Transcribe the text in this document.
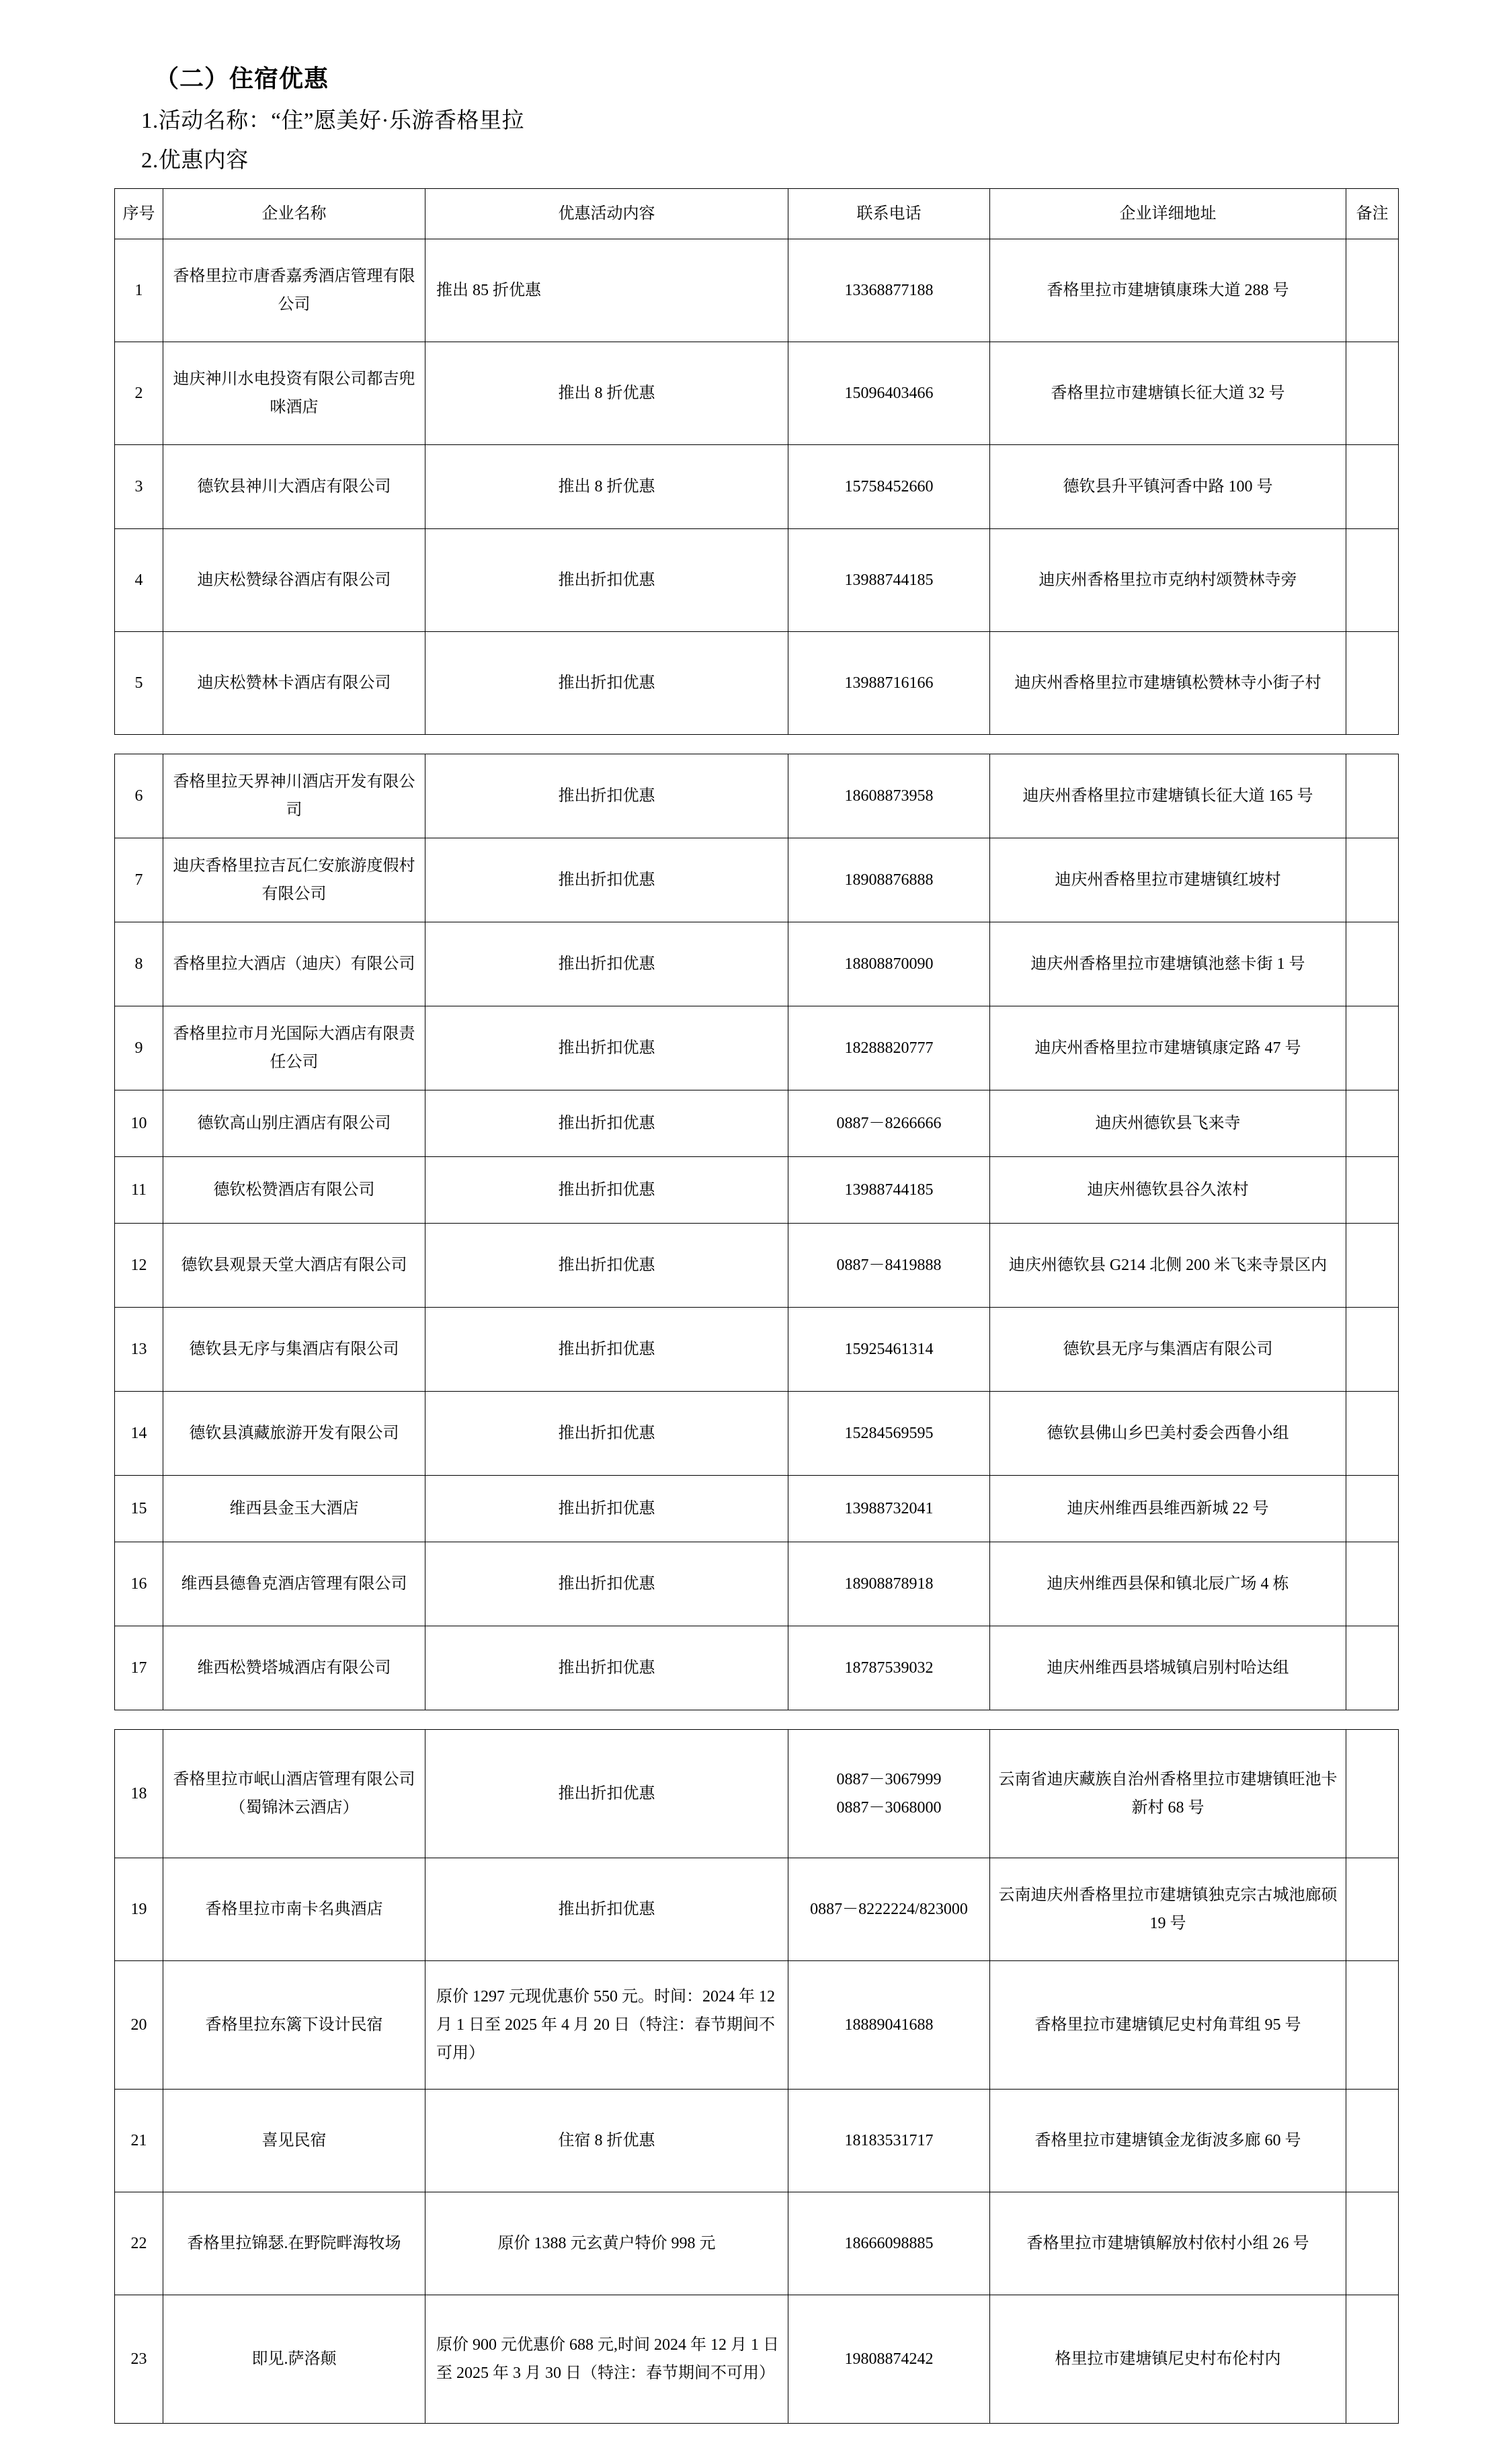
（二）住宿优惠
1.活动名称：“住”愿美好·乐游香格里拉
2.优惠内容
序号	企业名称	优惠活动内容	联系电话	企业详细地址	备注
1	香格里拉市唐香嘉秀酒店管理有限公司	推出 85 折优惠	13368877188	香格里拉市建塘镇康珠大道 288 号	
2	迪庆神川水电投资有限公司都吉兜咪酒店	推出 8 折优惠	15096403466	香格里拉市建塘镇长征大道 32 号	
3	德钦县神川大酒店有限公司	推出 8 折优惠	15758452660	德钦县升平镇河香中路 100 号	
4	迪庆松赞绿谷酒店有限公司	推出折扣优惠	13988744185	迪庆州香格里拉市克纳村颂赞林寺旁	
5	迪庆松赞林卡酒店有限公司	推出折扣优惠	13988716166	迪庆州香格里拉市建塘镇松赞林寺小街子村	
6	香格里拉天界神川酒店开发有限公司	推出折扣优惠	18608873958	迪庆州香格里拉市建塘镇长征大道 165 号	
7	迪庆香格里拉吉瓦仁安旅游度假村有限公司	推出折扣优惠	18908876888	迪庆州香格里拉市建塘镇红坡村	
8	香格里拉大酒店（迪庆）有限公司	推出折扣优惠	18808870090	迪庆州香格里拉市建塘镇池慈卡街 1 号	
9	香格里拉市月光国际大酒店有限责任公司	推出折扣优惠	18288820777	迪庆州香格里拉市建塘镇康定路 47 号	
10	德钦高山别庄酒店有限公司	推出折扣优惠	0887－8266666	迪庆州德钦县飞来寺	
11	德钦松赞酒店有限公司	推出折扣优惠	13988744185	迪庆州德钦县谷久浓村	
12	德钦县观景天堂大酒店有限公司	推出折扣优惠	0887－8419888	迪庆州德钦县 G214 北侧 200 米飞来寺景区内	
13	德钦县无序与集酒店有限公司	推出折扣优惠	15925461314	德钦县无序与集酒店有限公司	
14	德钦县滇藏旅游开发有限公司	推出折扣优惠	15284569595	德钦县佛山乡巴美村委会西鲁小组	
15	维西县金玉大酒店	推出折扣优惠	13988732041	迪庆州维西县维西新城 22 号	
16	维西县德鲁克酒店管理有限公司	推出折扣优惠	18908878918	迪庆州维西县保和镇北辰广场 4 栋	
17	维西松赞塔城酒店有限公司	推出折扣优惠	18787539032	迪庆州维西县塔城镇启别村哈达组	
18	香格里拉市岷山酒店管理有限公司（蜀锦沐云酒店）	推出折扣优惠	0887－3067999
0887－3068000	云南省迪庆藏族自治州香格里拉市建塘镇旺池卡新村 68 号	
19	香格里拉市南卡名典酒店	推出折扣优惠	0887－8222224/823000	云南迪庆州香格里拉市建塘镇独克宗古城池廊硕 19 号	
20	香格里拉东篱下设计民宿	原价 1297 元现优惠价 550 元。时间：2024 年 12 月 1 日至 2025 年 4 月 20 日（特注：春节期间不可用）	18889041688	香格里拉市建塘镇尼史村角茸组 95 号	
21	喜见民宿	住宿 8 折优惠	18183531717	香格里拉市建塘镇金龙街波多廊 60 号	
22	香格里拉锦瑟.在野院畔海牧场	原价 1388 元玄黄户特价 998 元	18666098885	香格里拉市建塘镇解放村依村小组 26 号	
23	即见.萨洛颠	原价 900 元优惠价 688 元,时间 2024 年 12 月 1 日至 2025 年 3 月 30 日（特注：春节期间不可用）	19808874242	格里拉市建塘镇尼史村布伦村内	
